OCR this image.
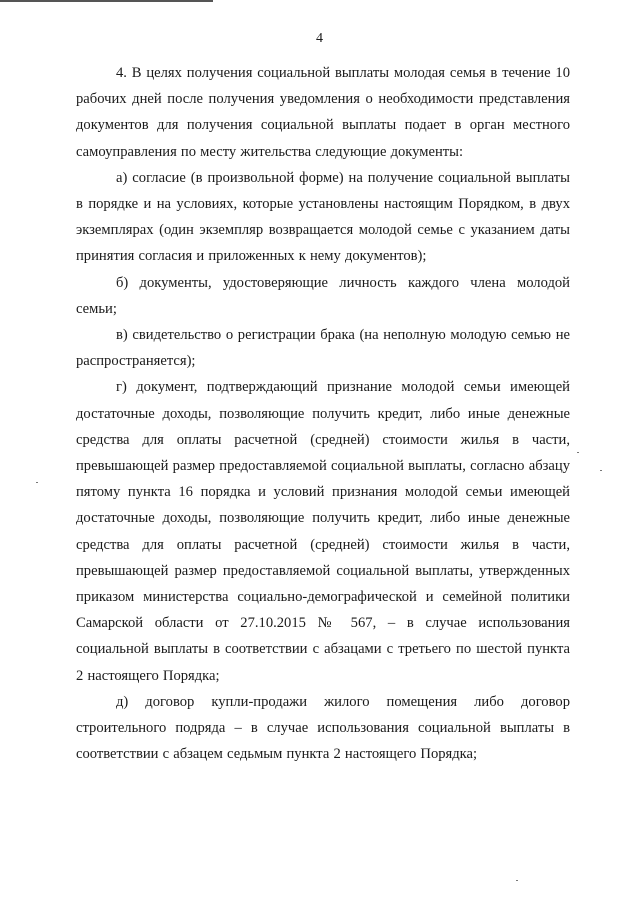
4

4. В целях получения социальной выплаты молодая семья в течение 10 рабочих дней после получения уведомления о необходимости представления документов для получения социальной выплаты подает в орган местного самоуправления по месту жительства следующие документы:

а) согласие (в произвольной форме) на получение социальной выплаты в порядке и на условиях, которые установлены настоящим Порядком, в двух экземплярах (один экземпляр возвращается молодой семье с указанием даты принятия согласия и приложенных к нему документов);

б) документы, удостоверяющие личность каждого члена молодой семьи;

в) свидетельство о регистрации брака (на неполную молодую семью не распространяется);

г) документ, подтверждающий признание молодой семьи имеющей достаточные доходы, позволяющие получить кредит, либо иные денежные средства для оплаты расчетной (средней) стоимости жилья в части, превышающей размер предоставляемой социальной выплаты, согласно абзацу пятому пункта 16 порядка и условий признания молодой семьи имеющей достаточные доходы, позволяющие получить кредит, либо иные денежные средства для оплаты расчетной (средней) стоимости жилья в части, превышающей размер предоставляемой социальной выплаты, утвержденных приказом министерства социально-демографической и семейной политики Самарской области от 27.10.2015 № 567, – в случае использования социальной выплаты в соответствии с абзацами с третьего по шестой пункта 2 настоящего Порядка;

д) договор купли-продажи жилого помещения либо договор строительного подряда – в случае использования социальной выплаты в соответствии с абзацем седьмым пункта 2 настоящего Порядка;
